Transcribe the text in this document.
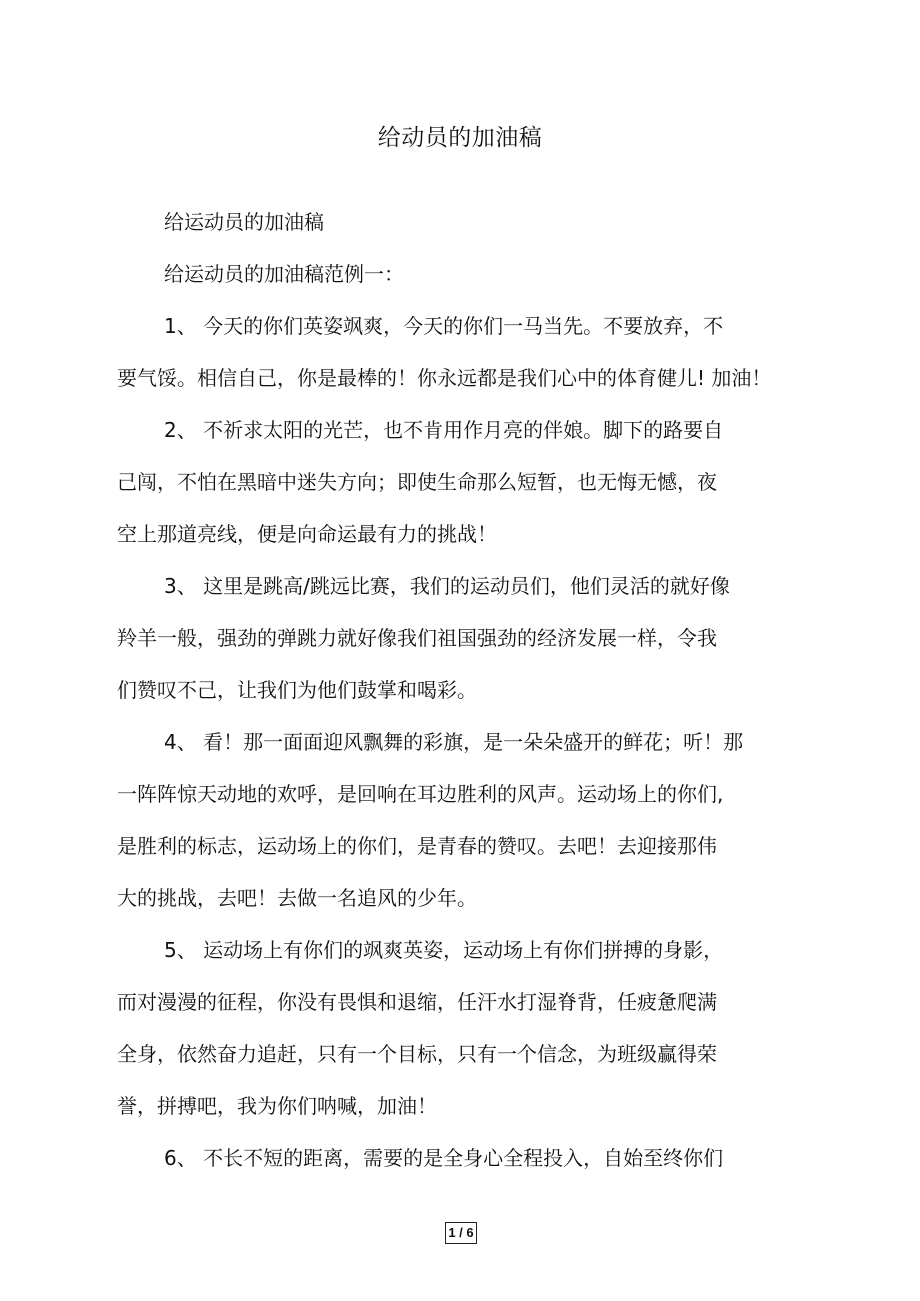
给动员的加油稿
给运动员的加油稿
给运动员的加油稿范例一：
1、 今天的你们英姿飒爽，今天的你们一马当先。不要放弃，不
要气馁。相信自己，你是最棒的！你永远都是我们心中的体育健儿! 加油！
2、 不祈求太阳的光芒，也不肯用作月亮的伴娘。脚下的路要自
己闯，不怕在黑暗中迷失方向；即使生命那么短暂，也无悔无憾，夜
空上那道亮线，便是向命运最有力的挑战！
3、 这里是跳高/跳远比赛，我们的运动员们，他们灵活的就好像
羚羊一般，强劲的弹跳力就好像我们祖国强劲的经济发展一样，令我
们赞叹不己，让我们为他们鼓掌和喝彩。
4、 看！那一面面迎风飘舞的彩旗，是一朵朵盛开的鲜花；听！那
一阵阵惊天动地的欢呼，是回响在耳边胜利的风声。运动场上的你们,
是胜利的标志，运动场上的你们，是青春的赞叹。去吧！去迎接那伟
大的挑战，去吧！去做一名追风的少年。
5、 运动场上有你们的飒爽英姿，运动场上有你们拼搏的身影，
而对漫漫的征程，你没有畏惧和退缩，任汗水打湿脊背，任疲惫爬满
全身，依然奋力追赶，只有一个目标，只有一个信念，为班级赢得荣
誉，拼搏吧，我为你们呐喊，加油！
6、 不长不短的距离，需要的是全身心全程投入，自始至终你们
1 / 6
